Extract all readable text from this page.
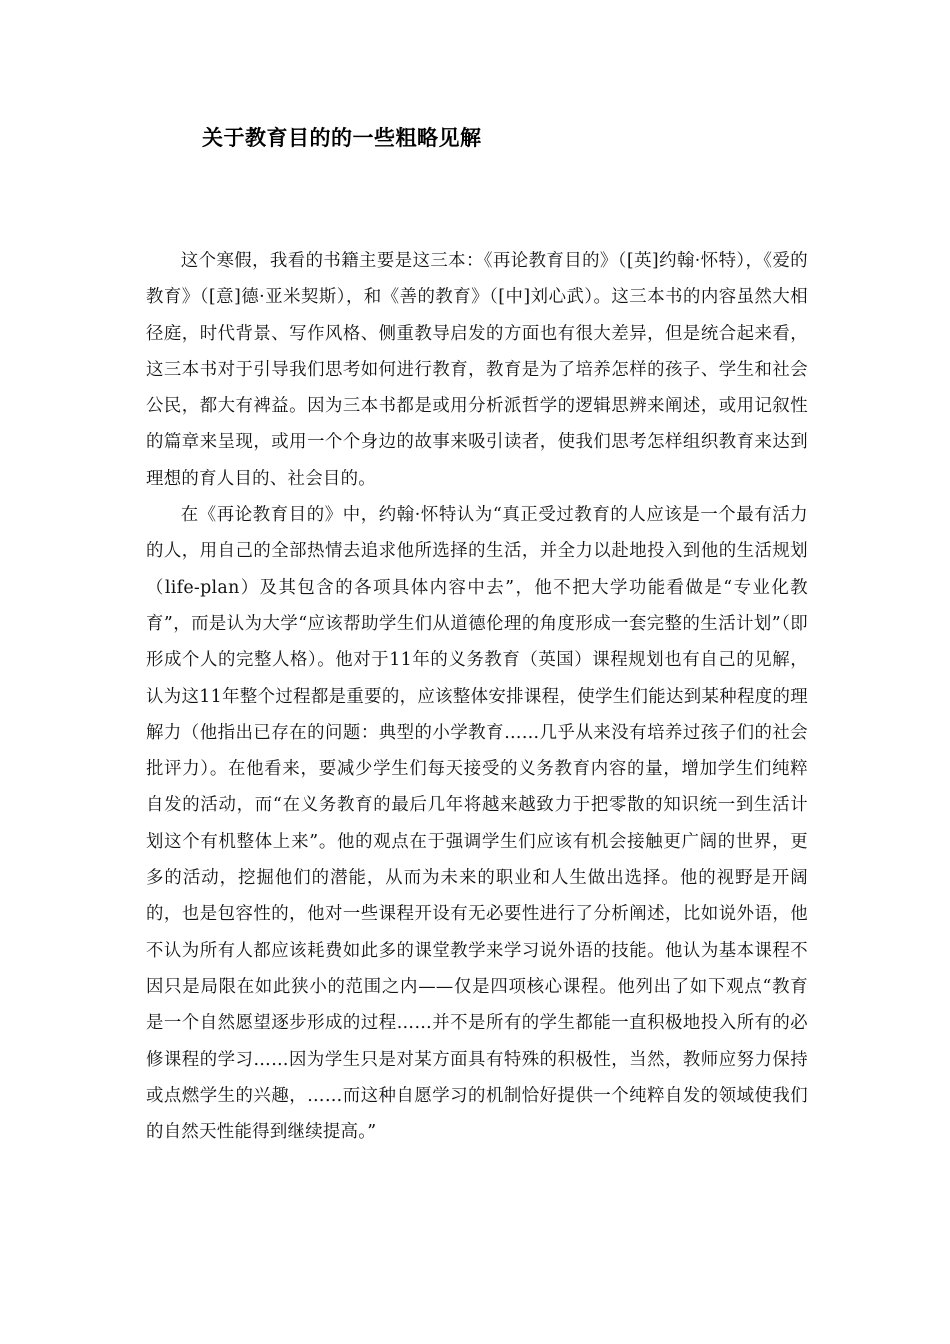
关于教育目的的一些粗略见解

这个寒假，我看的书籍主要是这三本：《再论教育目的》（[英]约翰·怀特），《爱的教育》（[意]德·亚米契斯），和《善的教育》（[中]刘心武）。这三本书的内容虽然大相径庭，时代背景、写作风格、侧重教导启发的方面也有很大差异，但是统合起来看，这三本书对于引导我们思考如何进行教育，教育是为了培养怎样的孩子、学生和社会公民，都大有裨益。因为三本书都是或用分析派哲学的逻辑思辨来阐述，或用记叙性的篇章来呈现，或用一个个身边的故事来吸引读者，使我们思考怎样组织教育来达到理想的育人目的、社会目的。

在《再论教育目的》中，约翰·怀特认为“真正受过教育的人应该是一个最有活力的人，用自己的全部热情去追求他所选择的生活，并全力以赴地投入到他的生活规划（life-plan）及其包含的各项具体内容中去”，他不把大学功能看做是“专业化教育”，而是认为大学“应该帮助学生们从道德伦理的角度形成一套完整的生活计划”（即形成个人的完整人格）。他对于11年的义务教育（英国）课程规划也有自己的见解，认为这11年整个过程都是重要的，应该整体安排课程，使学生们能达到某种程度的理解力（他指出已存在的问题：典型的小学教育……几乎从来没有培养过孩子们的社会批评力）。在他看来，要减少学生们每天接受的义务教育内容的量，增加学生们纯粹自发的活动，而“在义务教育的最后几年将越来越致力于把零散的知识统一到生活计划这个有机整体上来”。他的观点在于强调学生们应该有机会接触更广阔的世界，更多的活动，挖掘他们的潜能，从而为未来的职业和人生做出选择。他的视野是开阔的，也是包容性的，他对一些课程开设有无必要性进行了分析阐述，比如说外语，他不认为所有人都应该耗费如此多的课堂教学来学习说外语的技能。他认为基本课程不因只是局限在如此狭小的范围之内——仅是四项核心课程。他列出了如下观点“教育是一个自然愿望逐步形成的过程……并不是所有的学生都能一直积极地投入所有的必修课程的学习……因为学生只是对某方面具有特殊的积极性，当然，教师应努力保持或点燃学生的兴趣，……而这种自愿学习的机制恰好提供一个纯粹自发的领域使我们的自然天性能得到继续提高。”
